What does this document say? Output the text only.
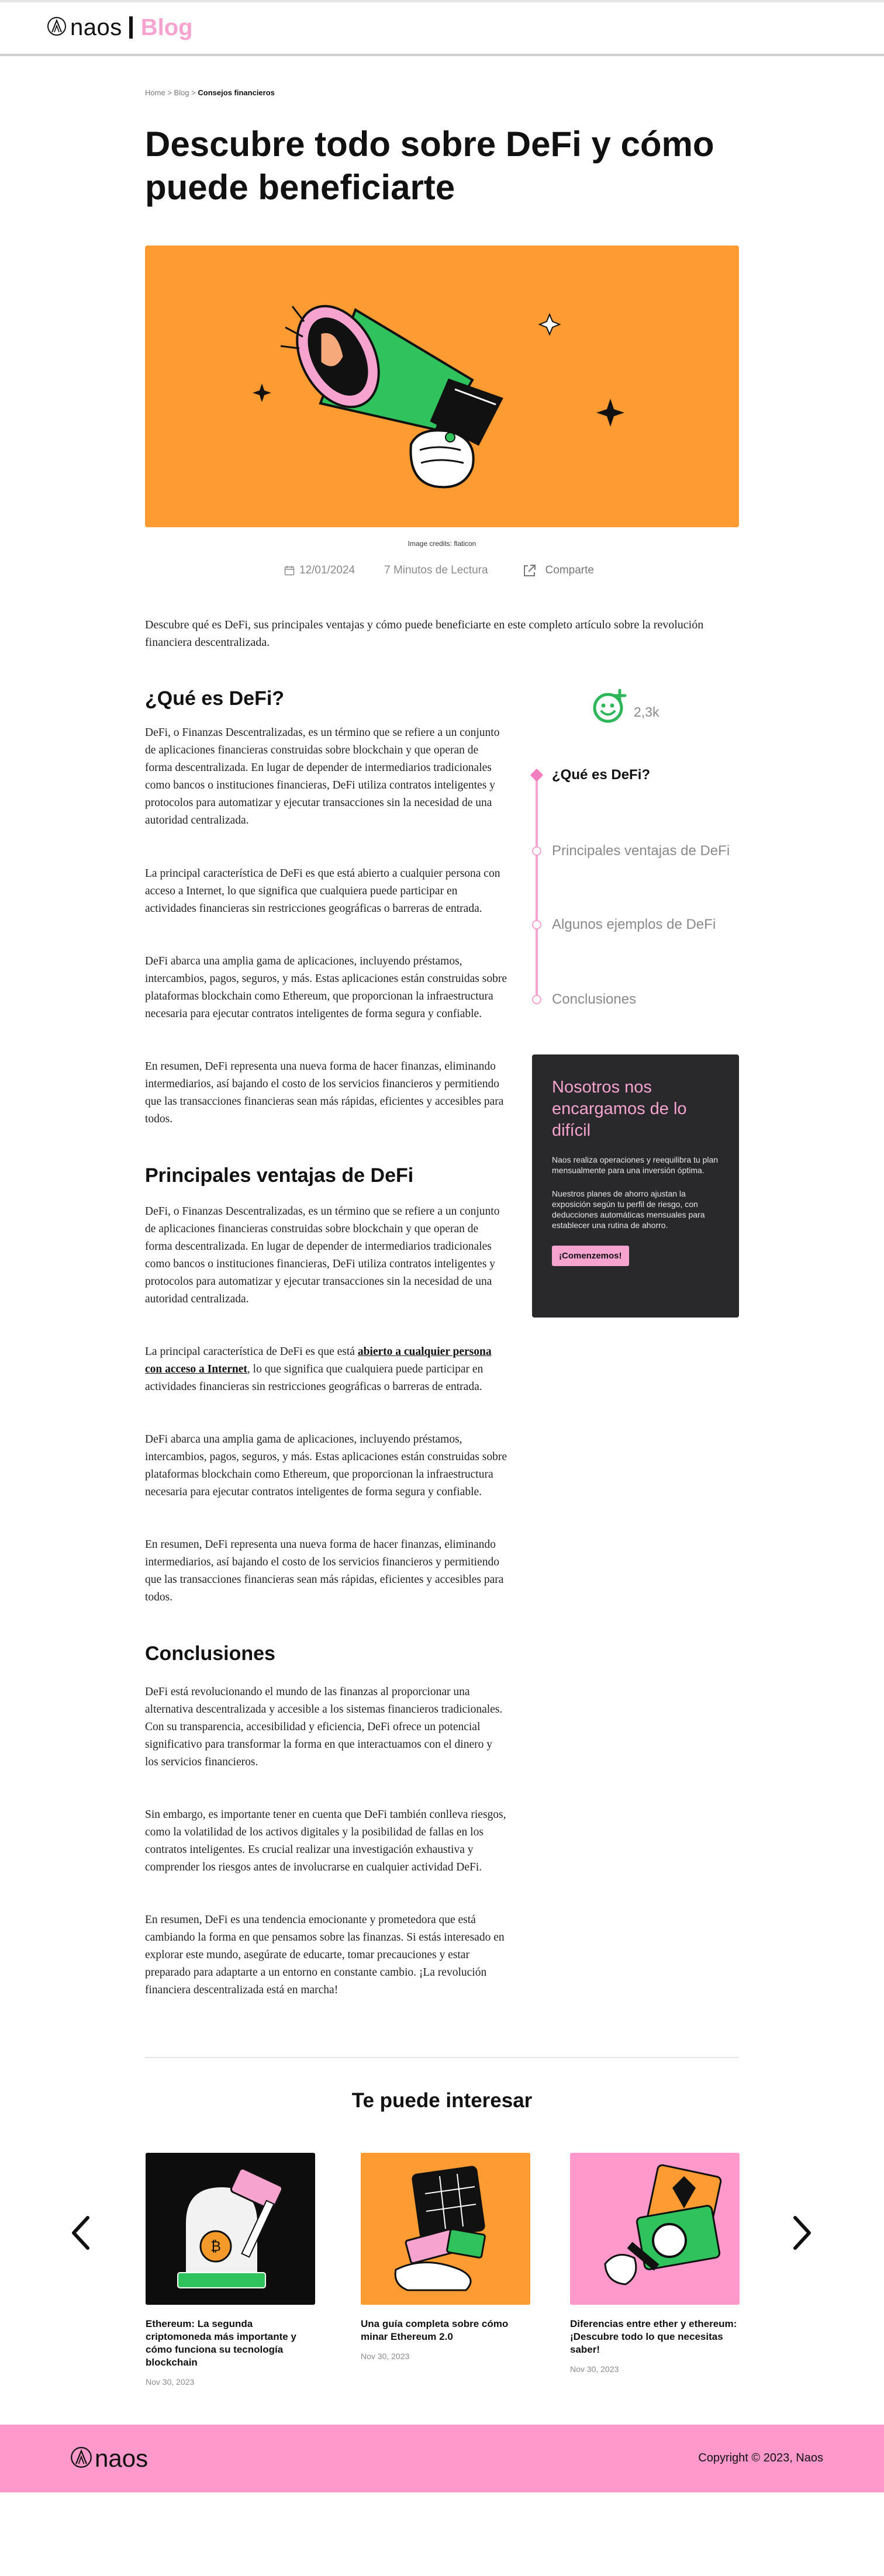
naos Blog
Home > Blog > Consejos financieros
Descubre todo sobre DeFi y cómo puede beneficiarte
Image credits: flaticon
12/01/2024	7 Minutos de Lectura	Comparte

Descubre qué es DeFi, sus principales ventajas y cómo puede beneficiarte en este completo artículo sobre la revolución financiera descentralizada.

¿Qué es DeFi?

DeFi, o Finanzas Descentralizadas, es un término que se refiere a un conjunto de aplicaciones financieras construidas sobre blockchain y que operan de forma descentralizada. En lugar de depender de intermediarios tradicionales como bancos o instituciones financieras, DeFi utiliza contratos inteligentes y protocolos para automatizar y ejecutar transacciones sin la necesidad de una autoridad centralizada.

La principal característica de DeFi es que está abierto a cualquier persona con acceso a Internet, lo que significa que cualquiera puede participar en actividades financieras sin restricciones geográficas o barreras de entrada.

DeFi abarca una amplia gama de aplicaciones, incluyendo préstamos, intercambios, pagos, seguros, y más. Estas aplicaciones están construidas sobre plataformas blockchain como Ethereum, que proporcionan la infraestructura necesaria para ejecutar contratos inteligentes de forma segura y confiable.

En resumen, DeFi representa una nueva forma de hacer finanzas, eliminando intermediarios, así bajando el costo de los servicios financieros y permitiendo que las transacciones financieras sean más rápidas, eficientes y accesibles para todos.

Principales ventajas de DeFi

DeFi, o Finanzas Descentralizadas, es un término que se refiere a un conjunto de aplicaciones financieras construidas sobre blockchain y que operan de forma descentralizada. En lugar de depender de intermediarios tradicionales como bancos o instituciones financieras, DeFi utiliza contratos inteligentes y protocolos para automatizar y ejecutar transacciones sin la necesidad de una autoridad centralizada.

La principal característica de DeFi es que está abierto a cualquier persona con acceso a Internet, lo que significa que cualquiera puede participar en actividades financieras sin restricciones geográficas o barreras de entrada.

DeFi abarca una amplia gama de aplicaciones, incluyendo préstamos, intercambios, pagos, seguros, y más. Estas aplicaciones están construidas sobre plataformas blockchain como Ethereum, que proporcionan la infraestructura necesaria para ejecutar contratos inteligentes de forma segura y confiable.

En resumen, DeFi representa una nueva forma de hacer finanzas, eliminando intermediarios, así bajando el costo de los servicios financieros y permitiendo que las transacciones financieras sean más rápidas, eficientes y accesibles para todos.

Conclusiones

DeFi está revolucionando el mundo de las finanzas al proporcionar una alternativa descentralizada y accesible a los sistemas financieros tradicionales. Con su transparencia, accesibilidad y eficiencia, DeFi ofrece un potencial significativo para transformar la forma en que interactuamos con el dinero y los servicios financieros.

Sin embargo, es importante tener en cuenta que DeFi también conlleva riesgos, como la volatilidad de los activos digitales y la posibilidad de fallas en los contratos inteligentes. Es crucial realizar una investigación exhaustiva y comprender los riesgos antes de involucrarse en cualquier actividad DeFi.

En resumen, DeFi es una tendencia emocionante y prometedora que está cambiando la forma en que pensamos sobre las finanzas. Si estás interesado en explorar este mundo, asegúrate de educarte, tomar precauciones y estar preparado para adaptarte a un entorno en constante cambio. ¡La revolución financiera descentralizada está en marcha!

2,3k
¿Qué es DeFi?
Principales ventajas de DeFi
Algunos ejemplos de DeFi
Conclusiones
Nosotros nos encargamos de lo difícil

Naos realiza operaciones y reequilibra tu plan mensualmente para una inversión óptima.

Nuestros planes de ahorro ajustan la exposición según tu perfil de riesgo, con deducciones automáticas mensuales para establecer una rutina de ahorro.

¡Comenzemos!
Te puede interesar
₿
Ethereum: La segunda criptomoneda más importante y cómo funciona su tecnología blockchain
Nov 30, 2023
Una guía completa sobre cómo minar Ethereum 2.0
Nov 30, 2023
Diferencias entre ether y ethereum: ¡Descubre todo lo que necesitas saber!
Nov 30, 2023
naos	Copyright © 2023, Naos
